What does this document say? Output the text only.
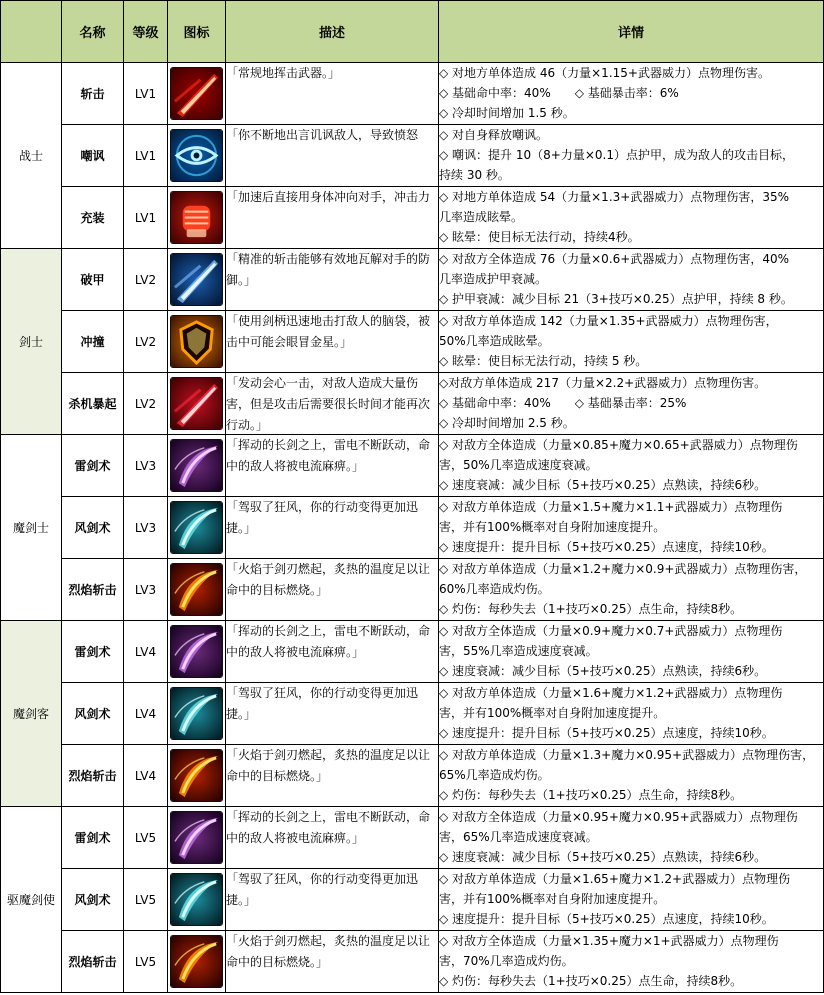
	名称	等级	图标	描述	详情
战士	斩击	LV1		「常规地挥击武器。」	◇ 对地方单体造成 46（力量×1.15+武器威力）点物理伤害。
◇ 基础命中率：40%　　◇ 基础暴击率：6%
◇ 冷却时间增加 1.5 秒。

	嘲讽	LV1		「你不断地出言讥讽敌人，导致愤怒	◇ 对自身释放嘲讽。
◇ 嘲讽：提升 10（8+力量×0.1）点护甲，成为敌人的攻击目标，
持续 30 秒。

	充装	LV1		「加速后直接用身体冲向对手，冲击力	◇ 对地方单体造成 54（力量×1.3+武器威力）点物理伤害，35%
几率造成眩晕。
◇ 眩晕：使目标无法行动，持续4秒。

剑士	破甲	LV2		「精准的斩击能够有效地瓦解对手的防御。」	◇ 对敌方全体造成 76（力量×0.6+武器威力）点物理伤害，40%
几率造成护甲衰减。
◇ 护甲衰减：减少目标 21（3+技巧×0.25）点护甲，持续 8 秒。

	冲撞	LV2		「使用剑柄迅速地击打敌人的脑袋，被击中可能会眼冒金星。」	◇ 对敌方单体造成 142（力量×1.35+武器威力）点物理伤害，
50%几率造成眩晕。
◇ 眩晕：使目标无法行动，持续 5 秒。

	杀机暴起	LV2		「发动会心一击，对敌人造成大量伤害，但是攻击后需要很长时间才能再次行动。」	◇对敌方单体造成 217（力量×2.2+武器威力）点物理伤害。
◇ 基础命中率：40%　　◇ 基础暴击率：25%
◇ 冷却时间增加 2.5 秒。

魔剑士	雷剑术	LV3		「挥动的长剑之上，雷电不断跃动，命中的敌人将被电流麻痹。」	◇ 对敌方全体造成（力量×0.85+魔力×0.65+武器威力）点物理伤
害，50%几率造成速度衰减。
◇ 速度衰减：减少目标（5+技巧×0.25）点熟读，持续6秒。

	风剑术	LV3		「驾驭了狂风，你的行动变得更加迅捷。」	◇ 对敌方单体造成（力量×1.5+魔力×1.1+武器威力）点物理伤
害，并有100%概率对自身附加速度提升。
◇ 速度提升：提升目标（5+技巧×0.25）点速度，持续10秒。

	烈焰斩击	LV3		「火焰于剑刃燃起，炙热的温度足以让命中的目标燃烧。」	◇ 对敌方单体造成（力量×1.2+魔力×0.9+武器威力）点物理伤害，
60%几率造成灼伤。
◇ 灼伤：每秒失去（1+技巧×0.25）点生命，持续8秒。

魔剑客	雷剑术	LV4		「挥动的长剑之上，雷电不断跃动，命中的敌人将被电流麻痹。」	◇ 对敌方全体造成（力量×0.9+魔力×0.7+武器威力）点物理伤
害，55%几率造成速度衰减。
◇ 速度衰减：减少目标（5+技巧×0.25）点熟读，持续6秒。

	风剑术	LV4		「驾驭了狂风，你的行动变得更加迅捷。」	◇ 对敌方单体造成（力量×1.6+魔力×1.2+武器威力）点物理伤
害，并有100%概率对自身附加速度提升。
◇ 速度提升：提升目标（5+技巧×0.25）点速度，持续10秒。

	烈焰斩击	LV4		「火焰于剑刃燃起，炙热的温度足以让命中的目标燃烧。」	◇ 对敌方单体造成（力量×1.3+魔力×0.95+武器威力）点物理伤害，
65%几率造成灼伤。
◇ 灼伤：每秒失去（1+技巧×0.25）点生命，持续8秒。

驱魔剑使	雷剑术	LV5		「挥动的长剑之上，雷电不断跃动，命中的敌人将被电流麻痹。」	◇ 对敌方全体造成（力量×0.95+魔力×0.95+武器威力）点物理伤
害，65%几率造成速度衰减。
◇ 速度衰减：减少目标（5+技巧×0.25）点熟读，持续6秒。

	风剑术	LV5		「驾驭了狂风，你的行动变得更加迅捷。」	◇ 对敌方单体造成（力量×1.65+魔力×1.2+武器威力）点物理伤
害，并有100%概率对自身附加速度提升。
◇ 速度提升：提升目标（5+技巧×0.25）点速度，持续10秒。

	烈焰斩击	LV5		「火焰于剑刃燃起，炙热的温度足以让命中的目标燃烧。」	◇ 对敌方全体造成（力量×1.35+魔力×1+武器威力）点物理伤
害，70%几率造成灼伤。
◇ 灼伤：每秒失去（1+技巧×0.25）点生命，持续8秒。
